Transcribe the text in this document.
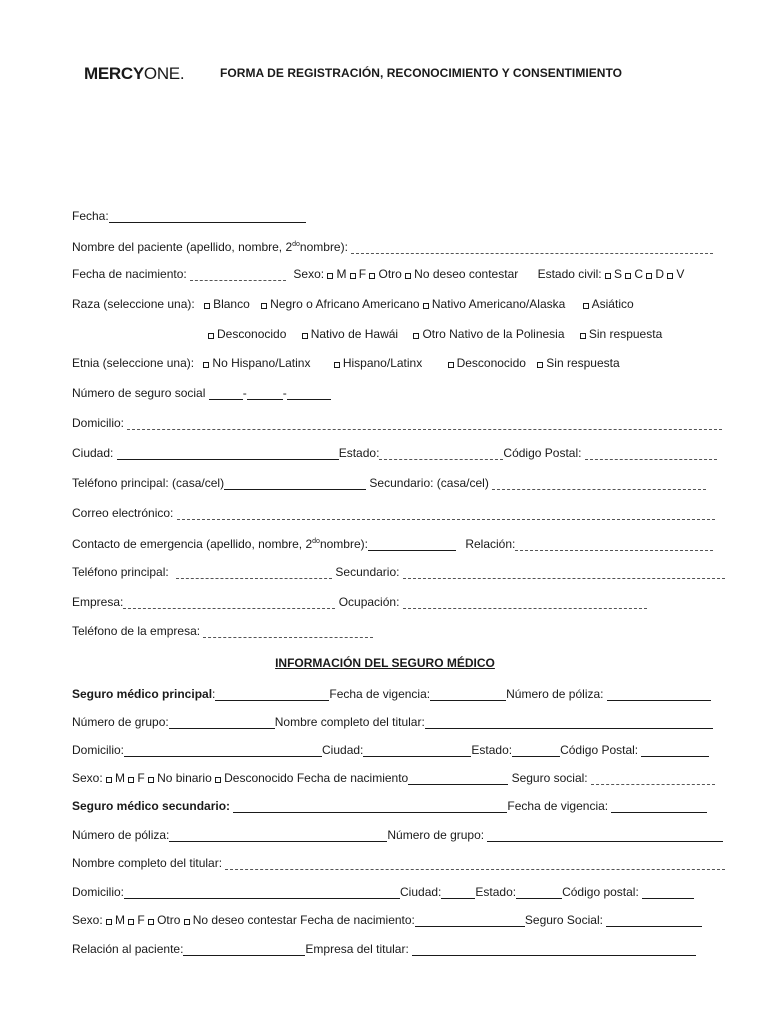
MERCYONE.	FORMA DE REGISTRACIÓN, RECONOCIMIENTO Y CONSENTIMIENTO
Fecha:
Nombre del paciente (apellido, nombre, $2^{do}nombre$):
Fecha de nacimiento:	Sexo: M F Otro No deseo contestar Estado civil: S C D V
Raza (seleccione una): Blanco Negro o Africano Americano Nativo Americano/Alaska Asiático
Desconocido Nativo de Hawái Otro Nativo de la Polinesia Sin respuesta
Etnia (seleccione una): No Hispano/Latinx	Hispano/Latinx	Desconocido Sin respuesta
Número de seguro social	-	-
Domicilio:
Ciudad:	Estado:	Código Postal:
Teléfono principal: (casa/cel)	Secundario: (casa/cel)
Correo electrónico:
Contacto de emergencia (apellido, nombre, $2^{do}nombre$):	Relación:
Teléfono principal:	Secundario:
Empresa:	Ocupación:
Teléfono de la empresa:
INFORMACIÓN DEL SEGURO MÉDICO
Seguro médico principal:	Fecha de vigencia:	Número de póliza:
Número de grupo:	Nombre completo del titular:
Domicilio:	Ciudad:	Estado:	Código Postal:
Sexo: M F No binario Desconocido Fecha de nacimiento	Seguro social:
Seguro médico secundario:	Fecha de vigencia:
Número de póliza:	Número de grupo:
Nombre completo del titular:
Domicilio:	Ciudad:	Estado:	Código postal:
Sexo: M F Otro No deseo contestar Fecha de nacimiento:	Seguro Social:
Relación al paciente:	Empresa del titular:
